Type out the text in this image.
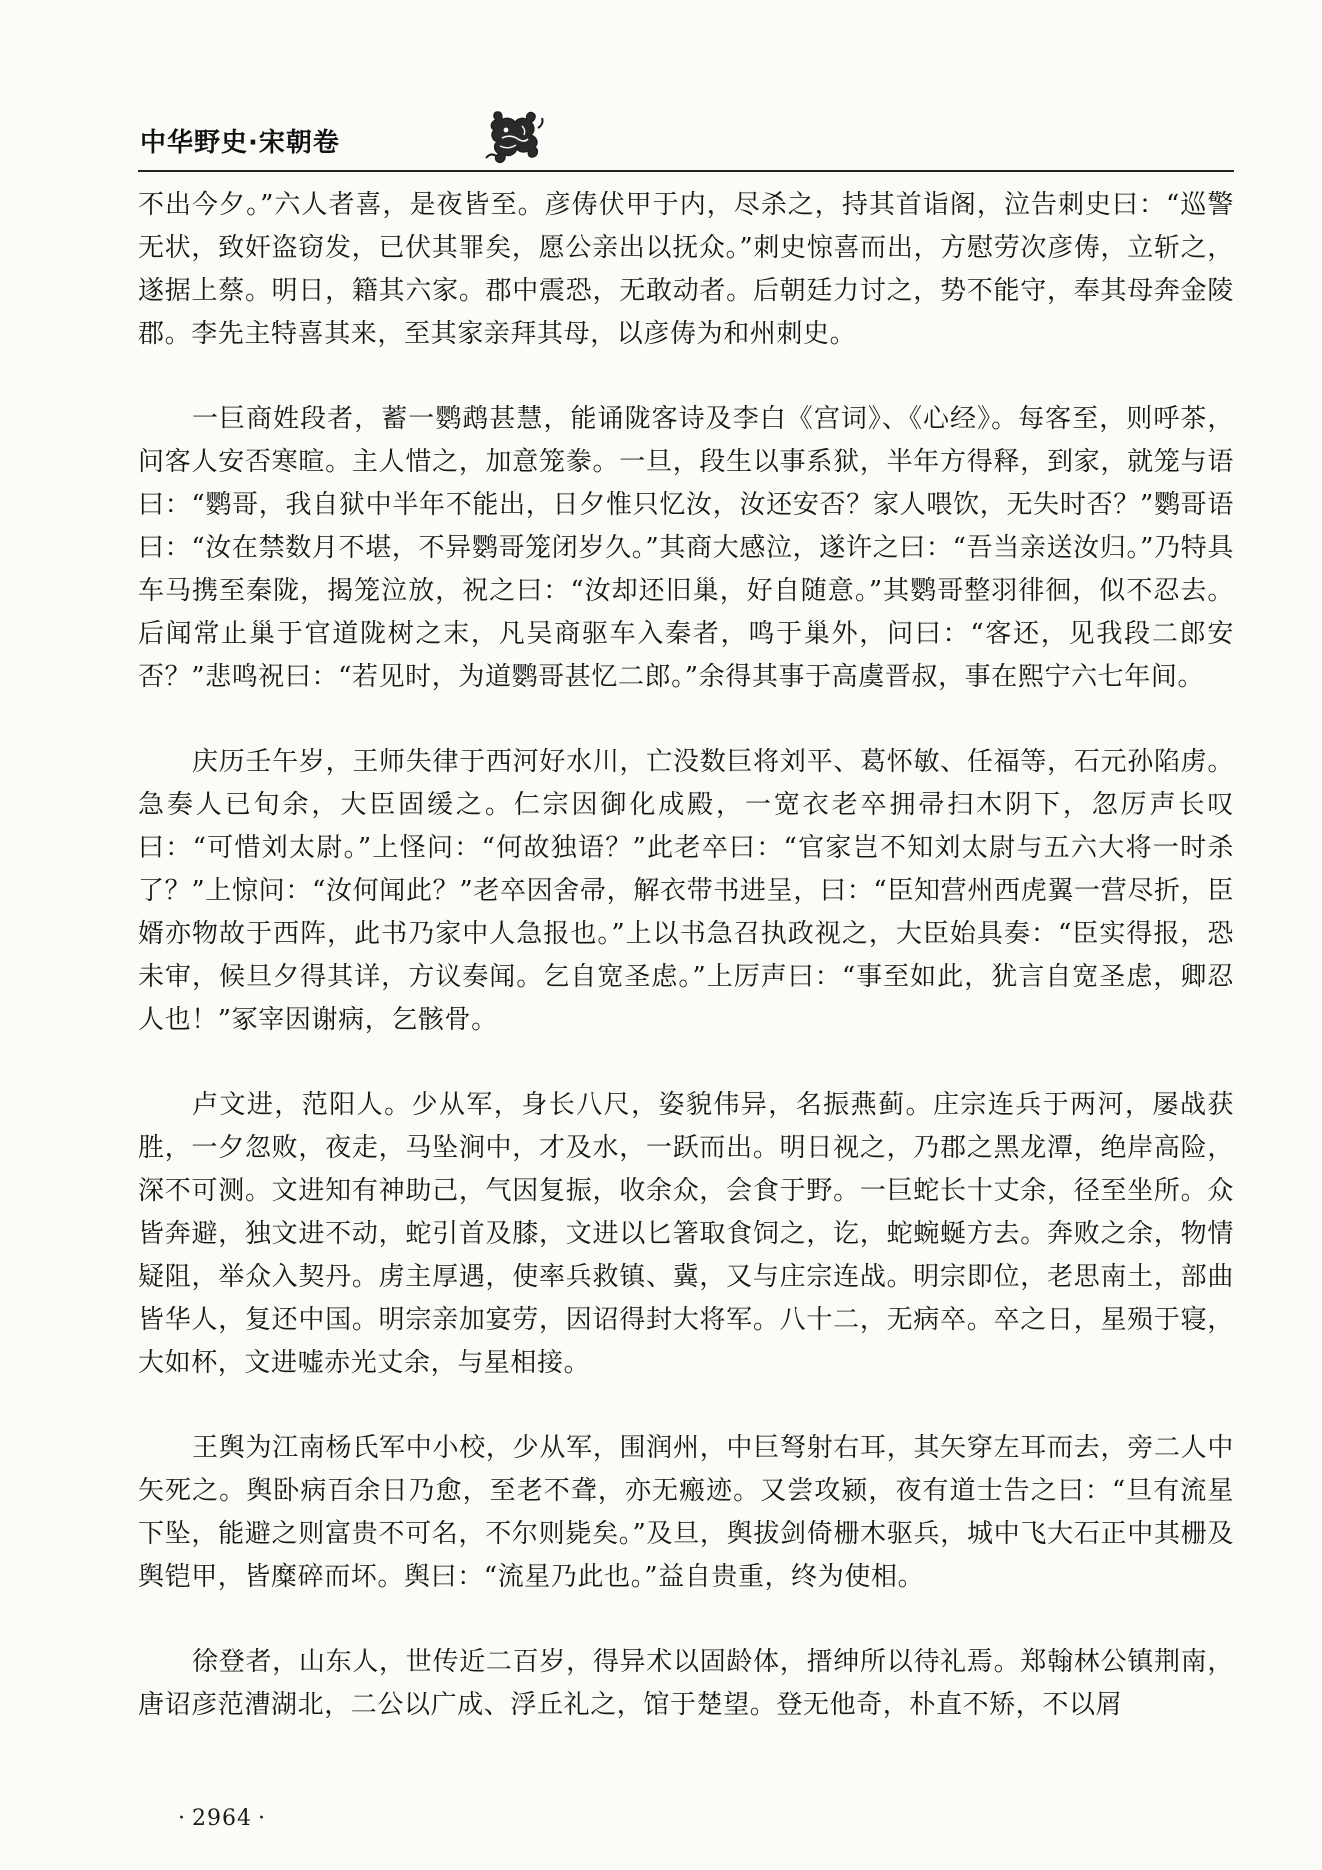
中华野史·宋朝卷

不出今夕。”六人者喜，是夜皆至。彦俦伏甲于内，尽杀之，持其首诣阁，泣告刺史曰：“巡警无状，致奸盗窃发，已伏其罪矣，愿公亲出以抚众。”刺史惊喜而出，方慰劳次彦俦，立斩之，遂据上蔡。明日，籍其六家。郡中震恐，无敢动者。后朝廷力讨之，势不能守，奉其母奔金陵郡。李先主特喜其来，至其家亲拜其母，以彦俦为和州刺史。

一巨商姓段者，蓄一鹦鹉甚慧，能诵陇客诗及李白《宫词》、《心经》。每客至，则呼茶，问客人安否寒暄。主人惜之，加意笼豢。一旦，段生以事系狱，半年方得释，到家，就笼与语曰：“鹦哥，我自狱中半年不能出，日夕惟只忆汝，汝还安否？家人喂饮，无失时否？”鹦哥语曰：“汝在禁数月不堪，不异鹦哥笼闭岁久。”其商大感泣，遂许之曰：“吾当亲送汝归。”乃特具车马携至秦陇，揭笼泣放，祝之曰：“汝却还旧巢，好自随意。”其鹦哥整羽徘徊，似不忍去。后闻常止巢于官道陇树之末，凡吴商驱车入秦者，鸣于巢外，问曰：“客还，见我段二郎安否？”悲鸣祝曰：“若见时，为道鹦哥甚忆二郎。”余得其事于高虞晋叔，事在熙宁六七年间。

庆历壬午岁，王师失律于西河好水川，亡没数巨将刘平、葛怀敏、任福等，石元孙陷虏。急奏人已旬余，大臣固缓之。仁宗因御化成殿，一宽衣老卒拥帚扫木阴下，忽厉声长叹曰：“可惜刘太尉。”上怪问：“何故独语？”此老卒曰：“官家岂不知刘太尉与五六大将一时杀了？”上惊问：“汝何闻此？”老卒因舍帚，解衣带书进呈，曰：“臣知营州西虎翼一营尽折，臣婿亦物故于西阵，此书乃家中人急报也。”上以书急召执政视之，大臣始具奏：“臣实得报，恐未审，候旦夕得其详，方议奏闻。乞自宽圣虑。”上厉声曰：“事至如此，犹言自宽圣虑，卿忍人也！”冢宰因谢病，乞骸骨。

卢文进，范阳人。少从军，身长八尺，姿貌伟异，名振燕蓟。庄宗连兵于两河，屡战获胜，一夕忽败，夜走，马坠涧中，才及水，一跃而出。明日视之，乃郡之黑龙潭，绝岸高险，深不可测。文进知有神助己，气因复振，收余众，会食于野。一巨蛇长十丈余，径至坐所。众皆奔避，独文进不动，蛇引首及膝，文进以匕箸取食饲之，讫，蛇蜿蜒方去。奔败之余，物情疑阻，举众入契丹。虏主厚遇，使率兵救镇、冀，又与庄宗连战。明宗即位，老思南土，部曲皆华人，复还中国。明宗亲加宴劳，因诏得封大将军。八十二，无病卒。卒之日，星殒于寝，大如杯，文进嘘赤光丈余，与星相接。

王舆为江南杨氏军中小校，少从军，围润州，中巨弩射右耳，其矢穿左耳而去，旁二人中矢死之。舆卧病百余日乃愈，至老不聋，亦无瘢迹。又尝攻颍，夜有道士告之曰：“旦有流星下坠，能避之则富贵不可名，不尔则毙矣。”及旦，舆拔剑倚栅木驱兵，城中飞大石正中其栅及舆铠甲，皆糜碎而坏。舆曰：“流星乃此也。”益自贵重，终为使相。

徐登者，山东人，世传近二百岁，得异术以固龄体，搢绅所以待礼焉。郑翰林公镇荆南，唐诏彦范漕湖北，二公以广成、浮丘礼之，馆于楚望。登无他奇，朴直不矫，不以屑

· 2964 ·
